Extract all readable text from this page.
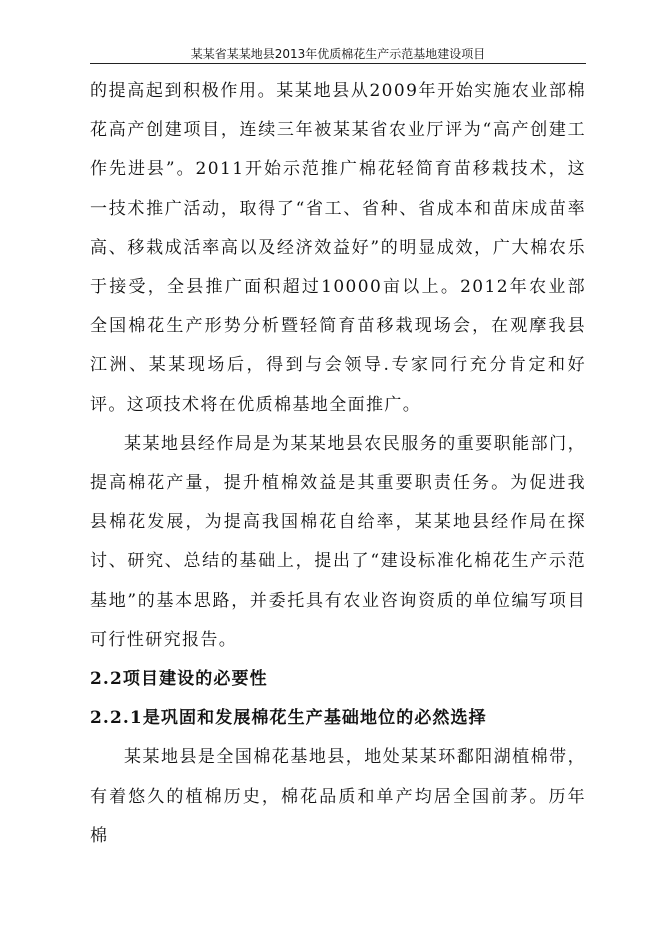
某某省某某地县2013年优质棉花生产示范基地建设项目

的提高起到积极作用。某某地县从2009年开始实施农业部棉花高产创建项目，连续三年被某某省农业厅评为“高产创建工作先进县”。2011开始示范推广棉花轻简育苗移栽技术，这一技术推广活动，取得了“省工、省种、省成本和苗床成苗率高、移栽成活率高以及经济效益好”的明显成效，广大棉农乐于接受，全县推广面积超过10000亩以上。2012年农业部全国棉花生产形势分析暨轻简育苗移栽现场会，在观摩我县江洲、某某现场后，得到与会领导.专家同行充分肯定和好评。这项技术将在优质棉基地全面推广。

某某地县经作局是为某某地县农民服务的重要职能部门，提高棉花产量，提升植棉效益是其重要职责任务。为促进我县棉花发展，为提高我国棉花自给率，某某地县经作局在探讨、研究、总结的基础上，提出了“建设标准化棉花生产示范基地”的基本思路，并委托具有农业咨询资质的单位编写项目可行性研究报告。

2.2项目建设的必要性

2.2.1是巩固和发展棉花生产基础地位的必然选择

某某地县是全国棉花基地县，地处某某环鄱阳湖植棉带，有着悠久的植棉历史，棉花品质和单产均居全国前茅。历年棉
